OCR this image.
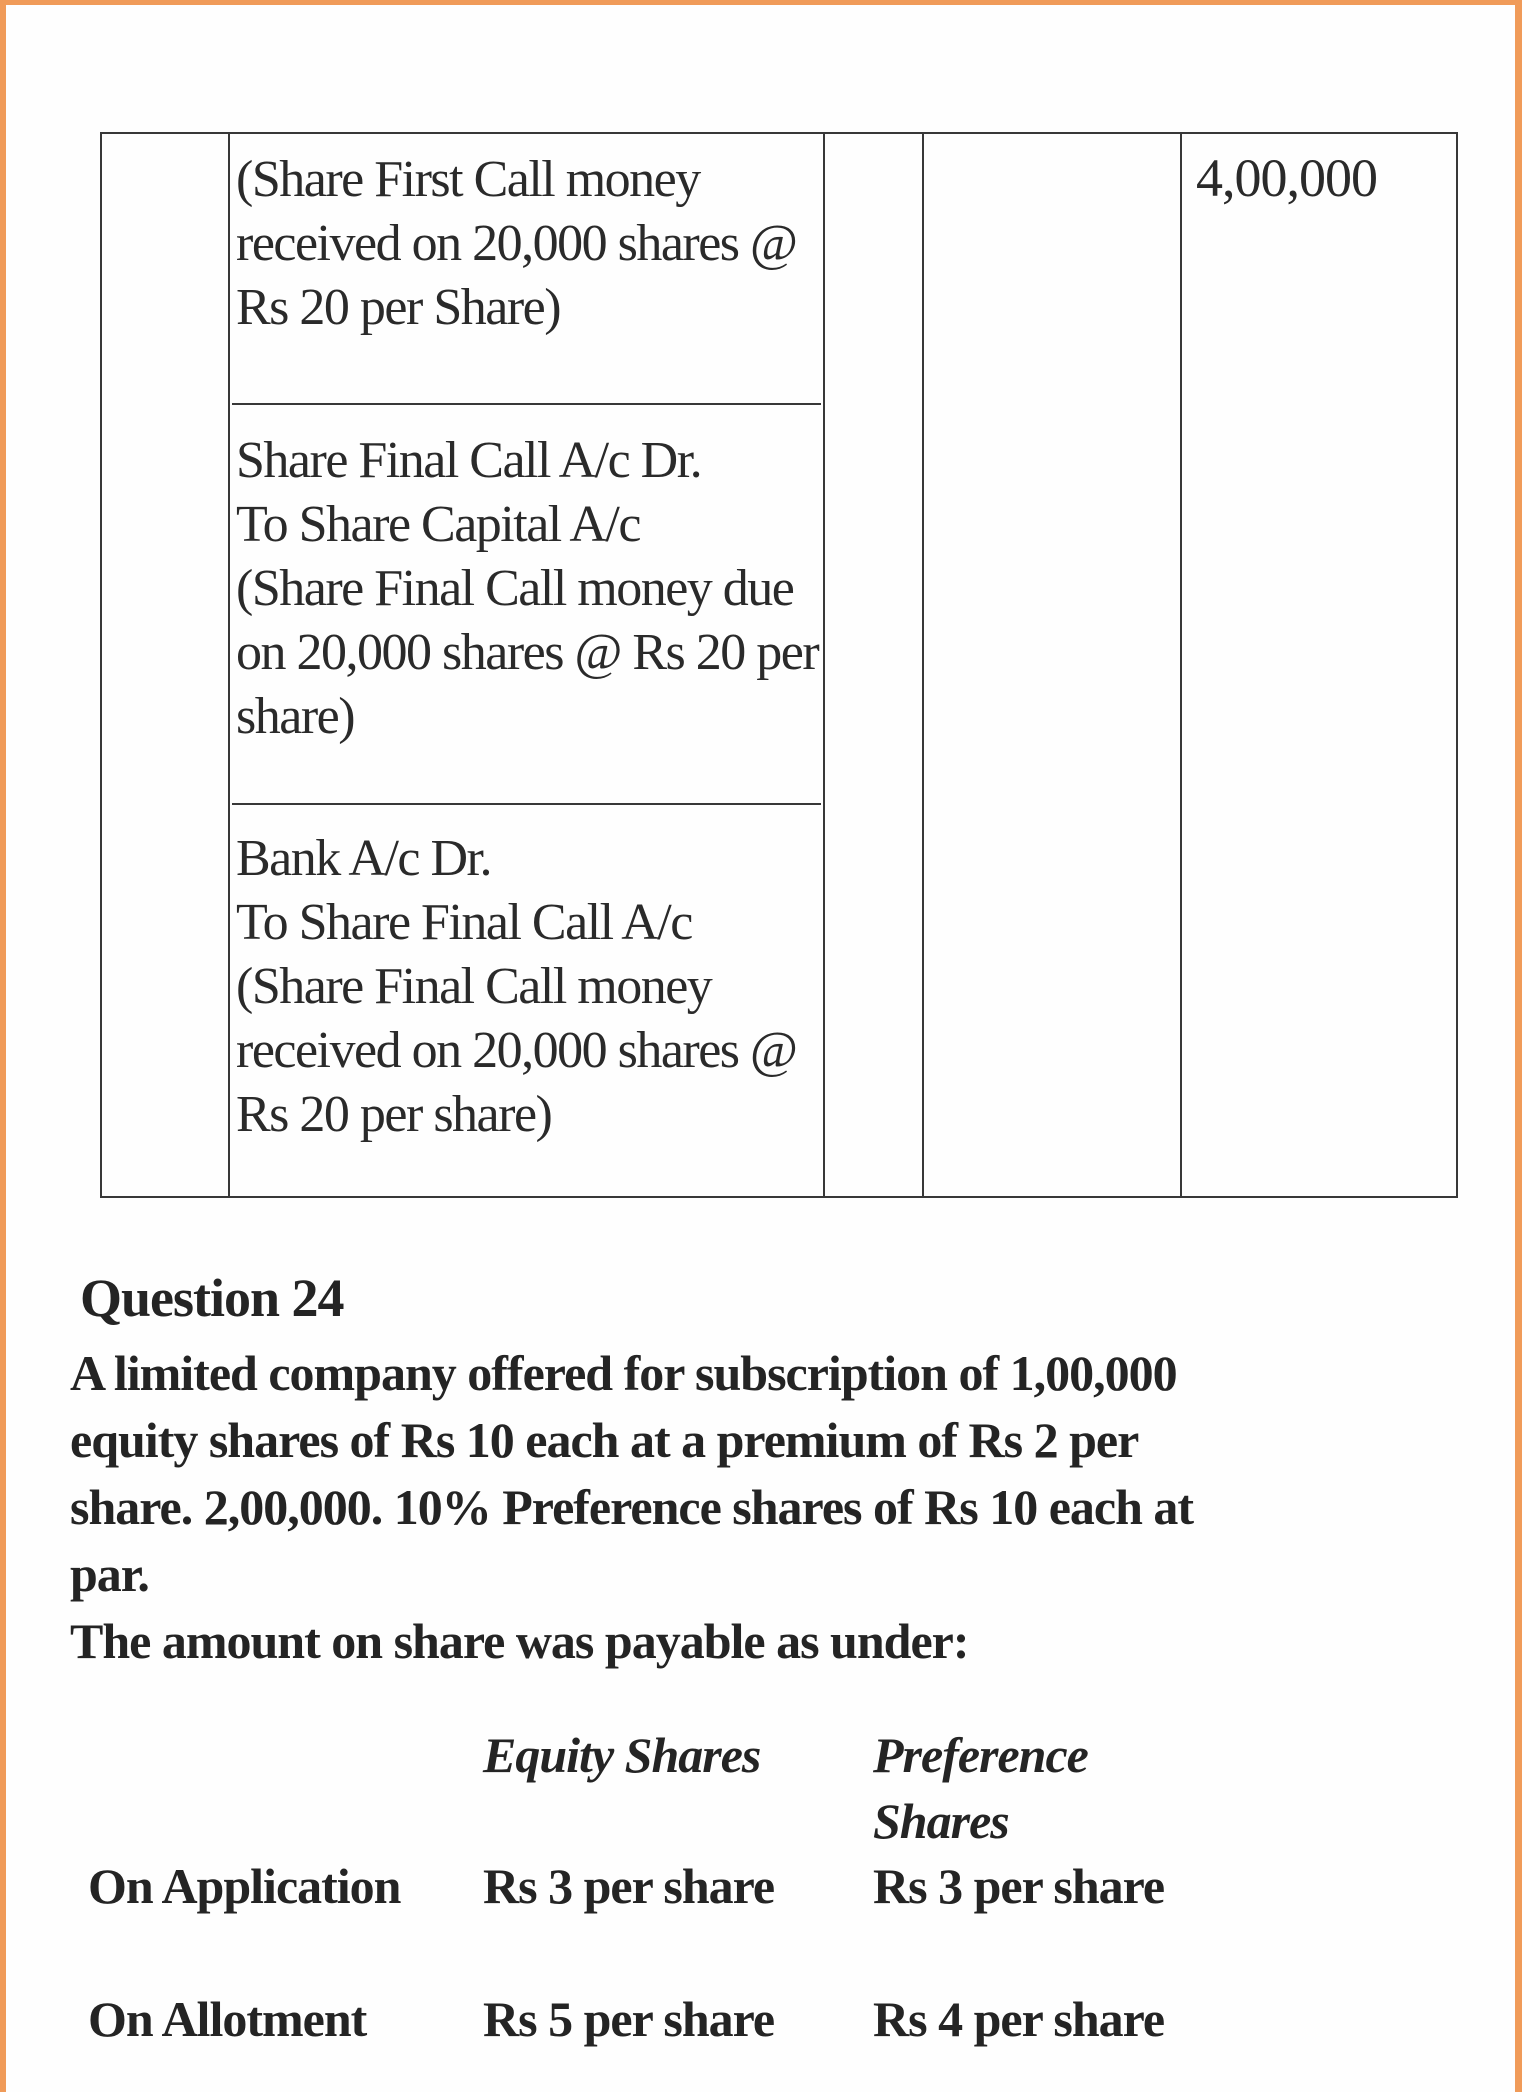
(Share First Call money received on 20,000 shares @ Rs 20 per Share)
Share Final Call A/c Dr.
To Share Capital A/c
(Share Final Call money due on 20,000 shares @ Rs 20 per share)
Bank A/c Dr.
To Share Final Call A/c
(Share Final Call money received on 20,000 shares @ Rs 20 per share)
4,00,000
Question 24
A limited company offered for subscription of 1,00,000
equity shares of Rs 10 each at a premium of Rs 2 per
share. 2,00,000. 10% Preference shares of Rs 10 each at
par.
The amount on share was payable as under:
Equity Shares Preference Shares
On Application	Rs 3 per share Rs 3 per share
On Allotment	Rs 5 per share Rs 4 per share
